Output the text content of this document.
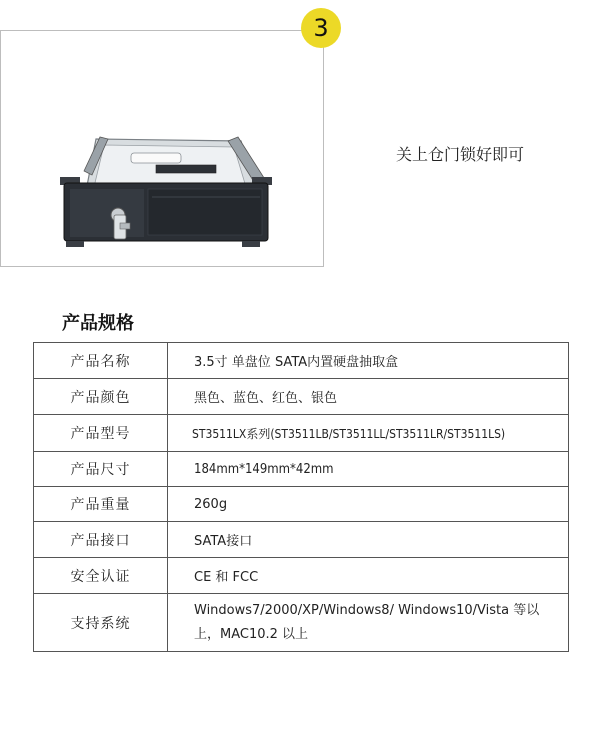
3
关上仓门锁好即可
产品规格
产品名称	3.5寸 单盘位 SATA内置硬盘抽取盒
产品颜色	黑色、蓝色、红色、银色
产品型号	ST3511LX系列(ST3511LB/ST3511LL/ST3511LR/ST3511LS)
产品尺寸	184mm*149mm*42mm
产品重量	260g
产品接口	SATA接口
安全认证	CE 和 FCC
支持系统	Windows7/2000/XP/Windows8/ Windows10/Vista 等以上，MAC10.2 以上
